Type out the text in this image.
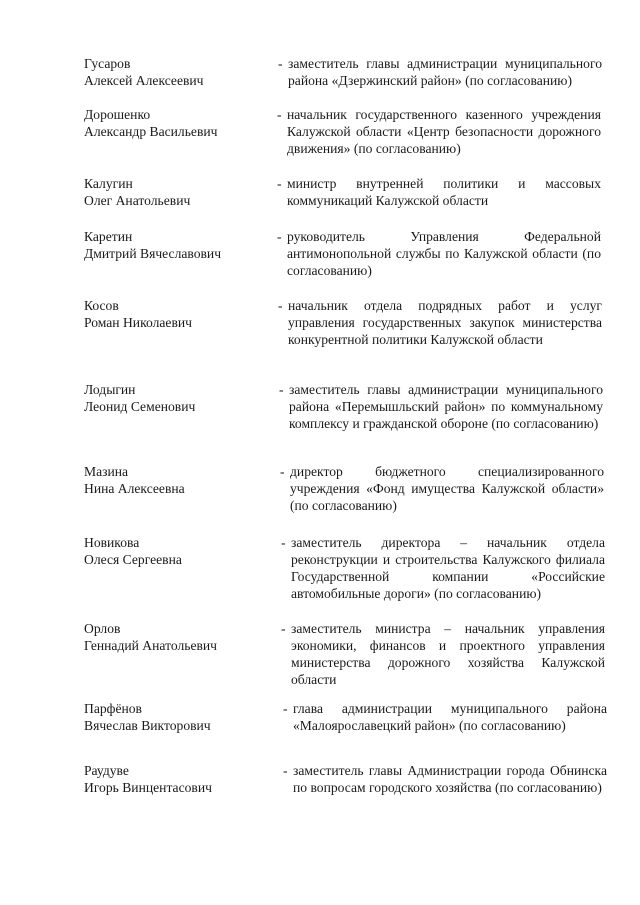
Гусаров
Алексей Алексеевич
- заместитель главы администрации муниципального района «Дзержинский район» (по согласованию)
Дорошенко
Александр Васильевич
- начальник государственного казенного учреждения Калужской области «Центр безопасности дорожного движения» (по согласованию)
Калугин
Олег Анатольевич
- министр внутренней политики и массовых коммуникаций Калужской области
Каретин
Дмитрий Вячеславович
- руководитель Управления Федеральной антимонопольной службы по Калужской области (по согласованию)
Косов
Роман Николаевич
- начальник отдела подрядных работ и услуг управления государственных закупок министерства конкурентной политики Калужской области
Лодыгин
Леонид Семенович
- заместитель главы администрации муниципального района «Перемышльский район» по коммунальному комплексу и гражданской обороне (по согласованию)
Мазина
Нина Алексеевна
- директор бюджетного специализированного учреждения «Фонд имущества Калужской области» (по согласованию)
Новикова
Олеся Сергеевна
- заместитель директора – начальник отдела реконструкции и строительства Калужского филиала Государственной компании «Российские автомобильные дороги» (по согласованию)
Орлов
Геннадий Анатольевич
- заместитель министра – начальник управления экономики, финансов и проектного управления министерства дорожного хозяйства Калужской области
Парфёнов
Вячеслав Викторович
- глава администрации муниципального района «Малоярославецкий район» (по согласованию)
Раудуве
Игорь Винцентасович
- заместитель главы Администрации города Обнинска по вопросам городского хозяйства (по согласованию)
